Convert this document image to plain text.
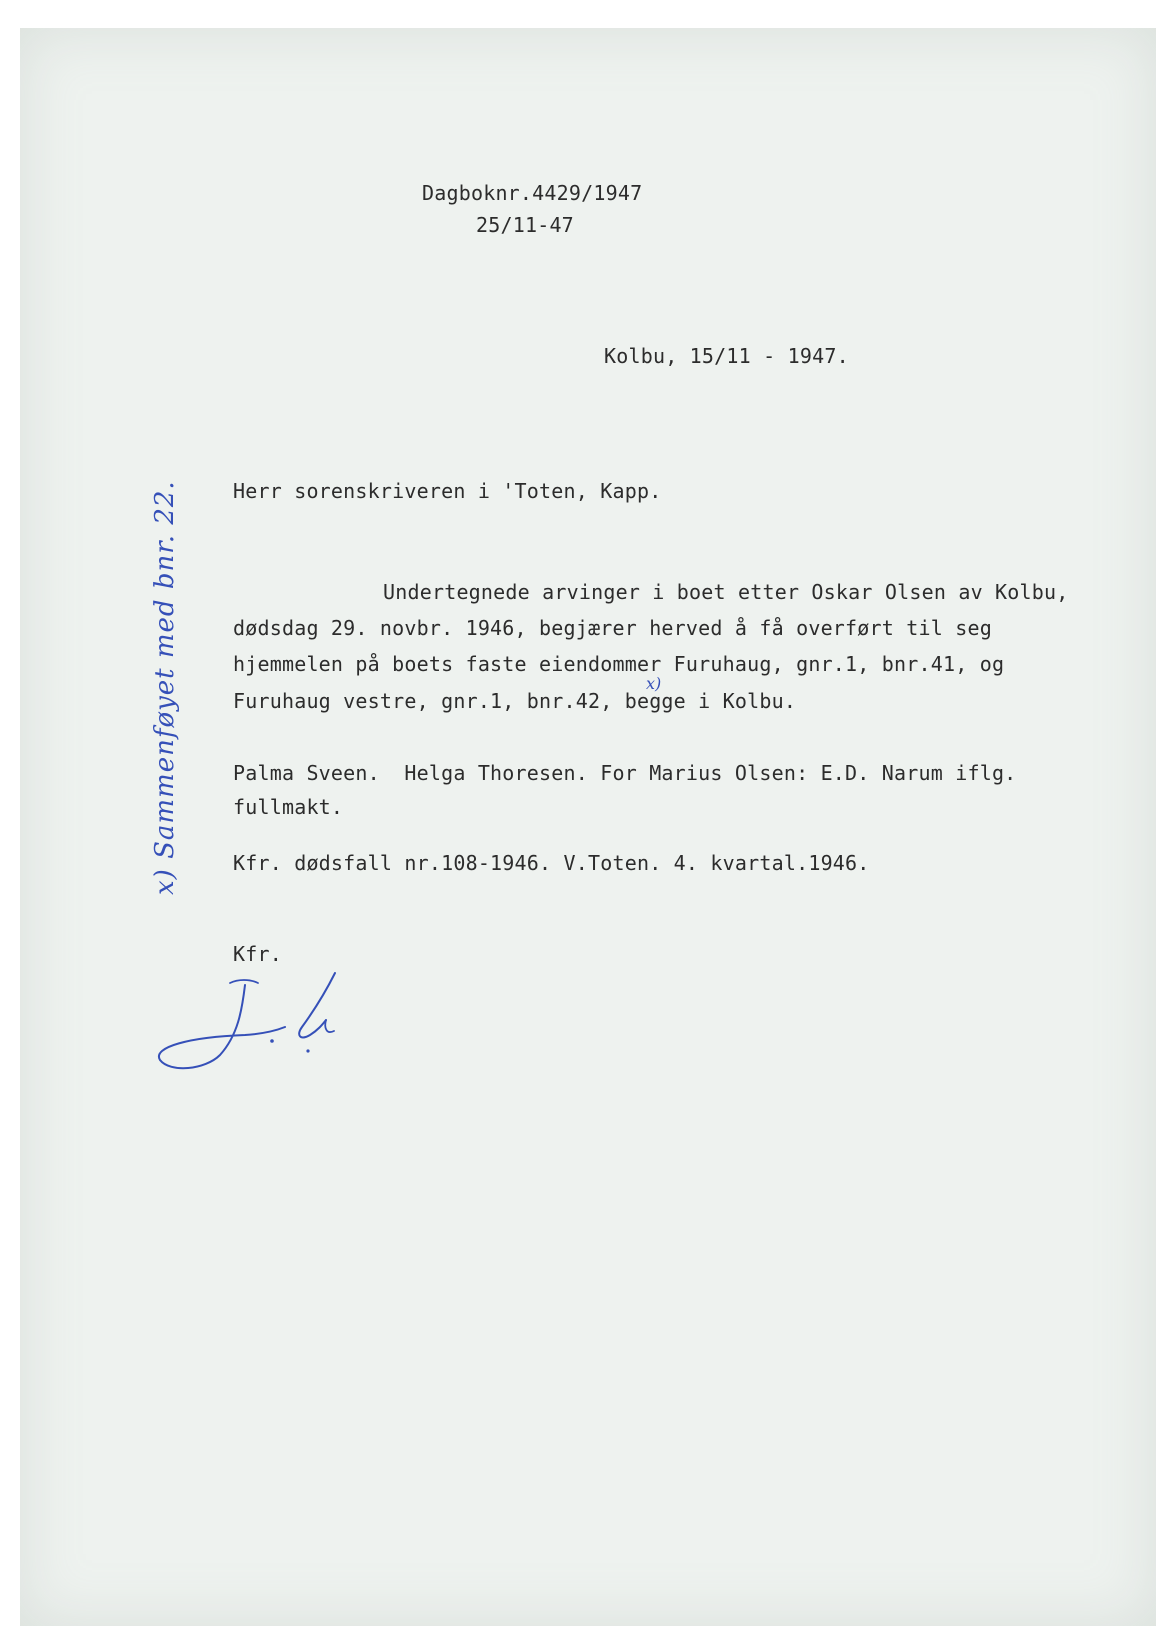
Dagboknr.4429/1947
25/11-47
Kolbu, 15/11 - 1947.
Herr sorenskriveren i 'Toten, Kapp.
Undertegnede arvinger i boet etter Oskar Olsen av Kolbu,
dødsdag 29. novbr. 1946, begjærer herved å få overført til seg
hjemmelen på boets faste eiendommer Furuhaug, gnr.1, bnr.41, og
Furuhaug vestre, gnr.1, bnr.42, begge i Kolbu.
Palma Sveen.  Helga Thoresen. For Marius Olsen: E.D. Narum iflg.
fullmakt.
Kfr. dødsfall nr.108-1946. V.Toten. 4. kvartal.1946.
Kfr.
x) Sammenføyet med bnr. 22.	x)
